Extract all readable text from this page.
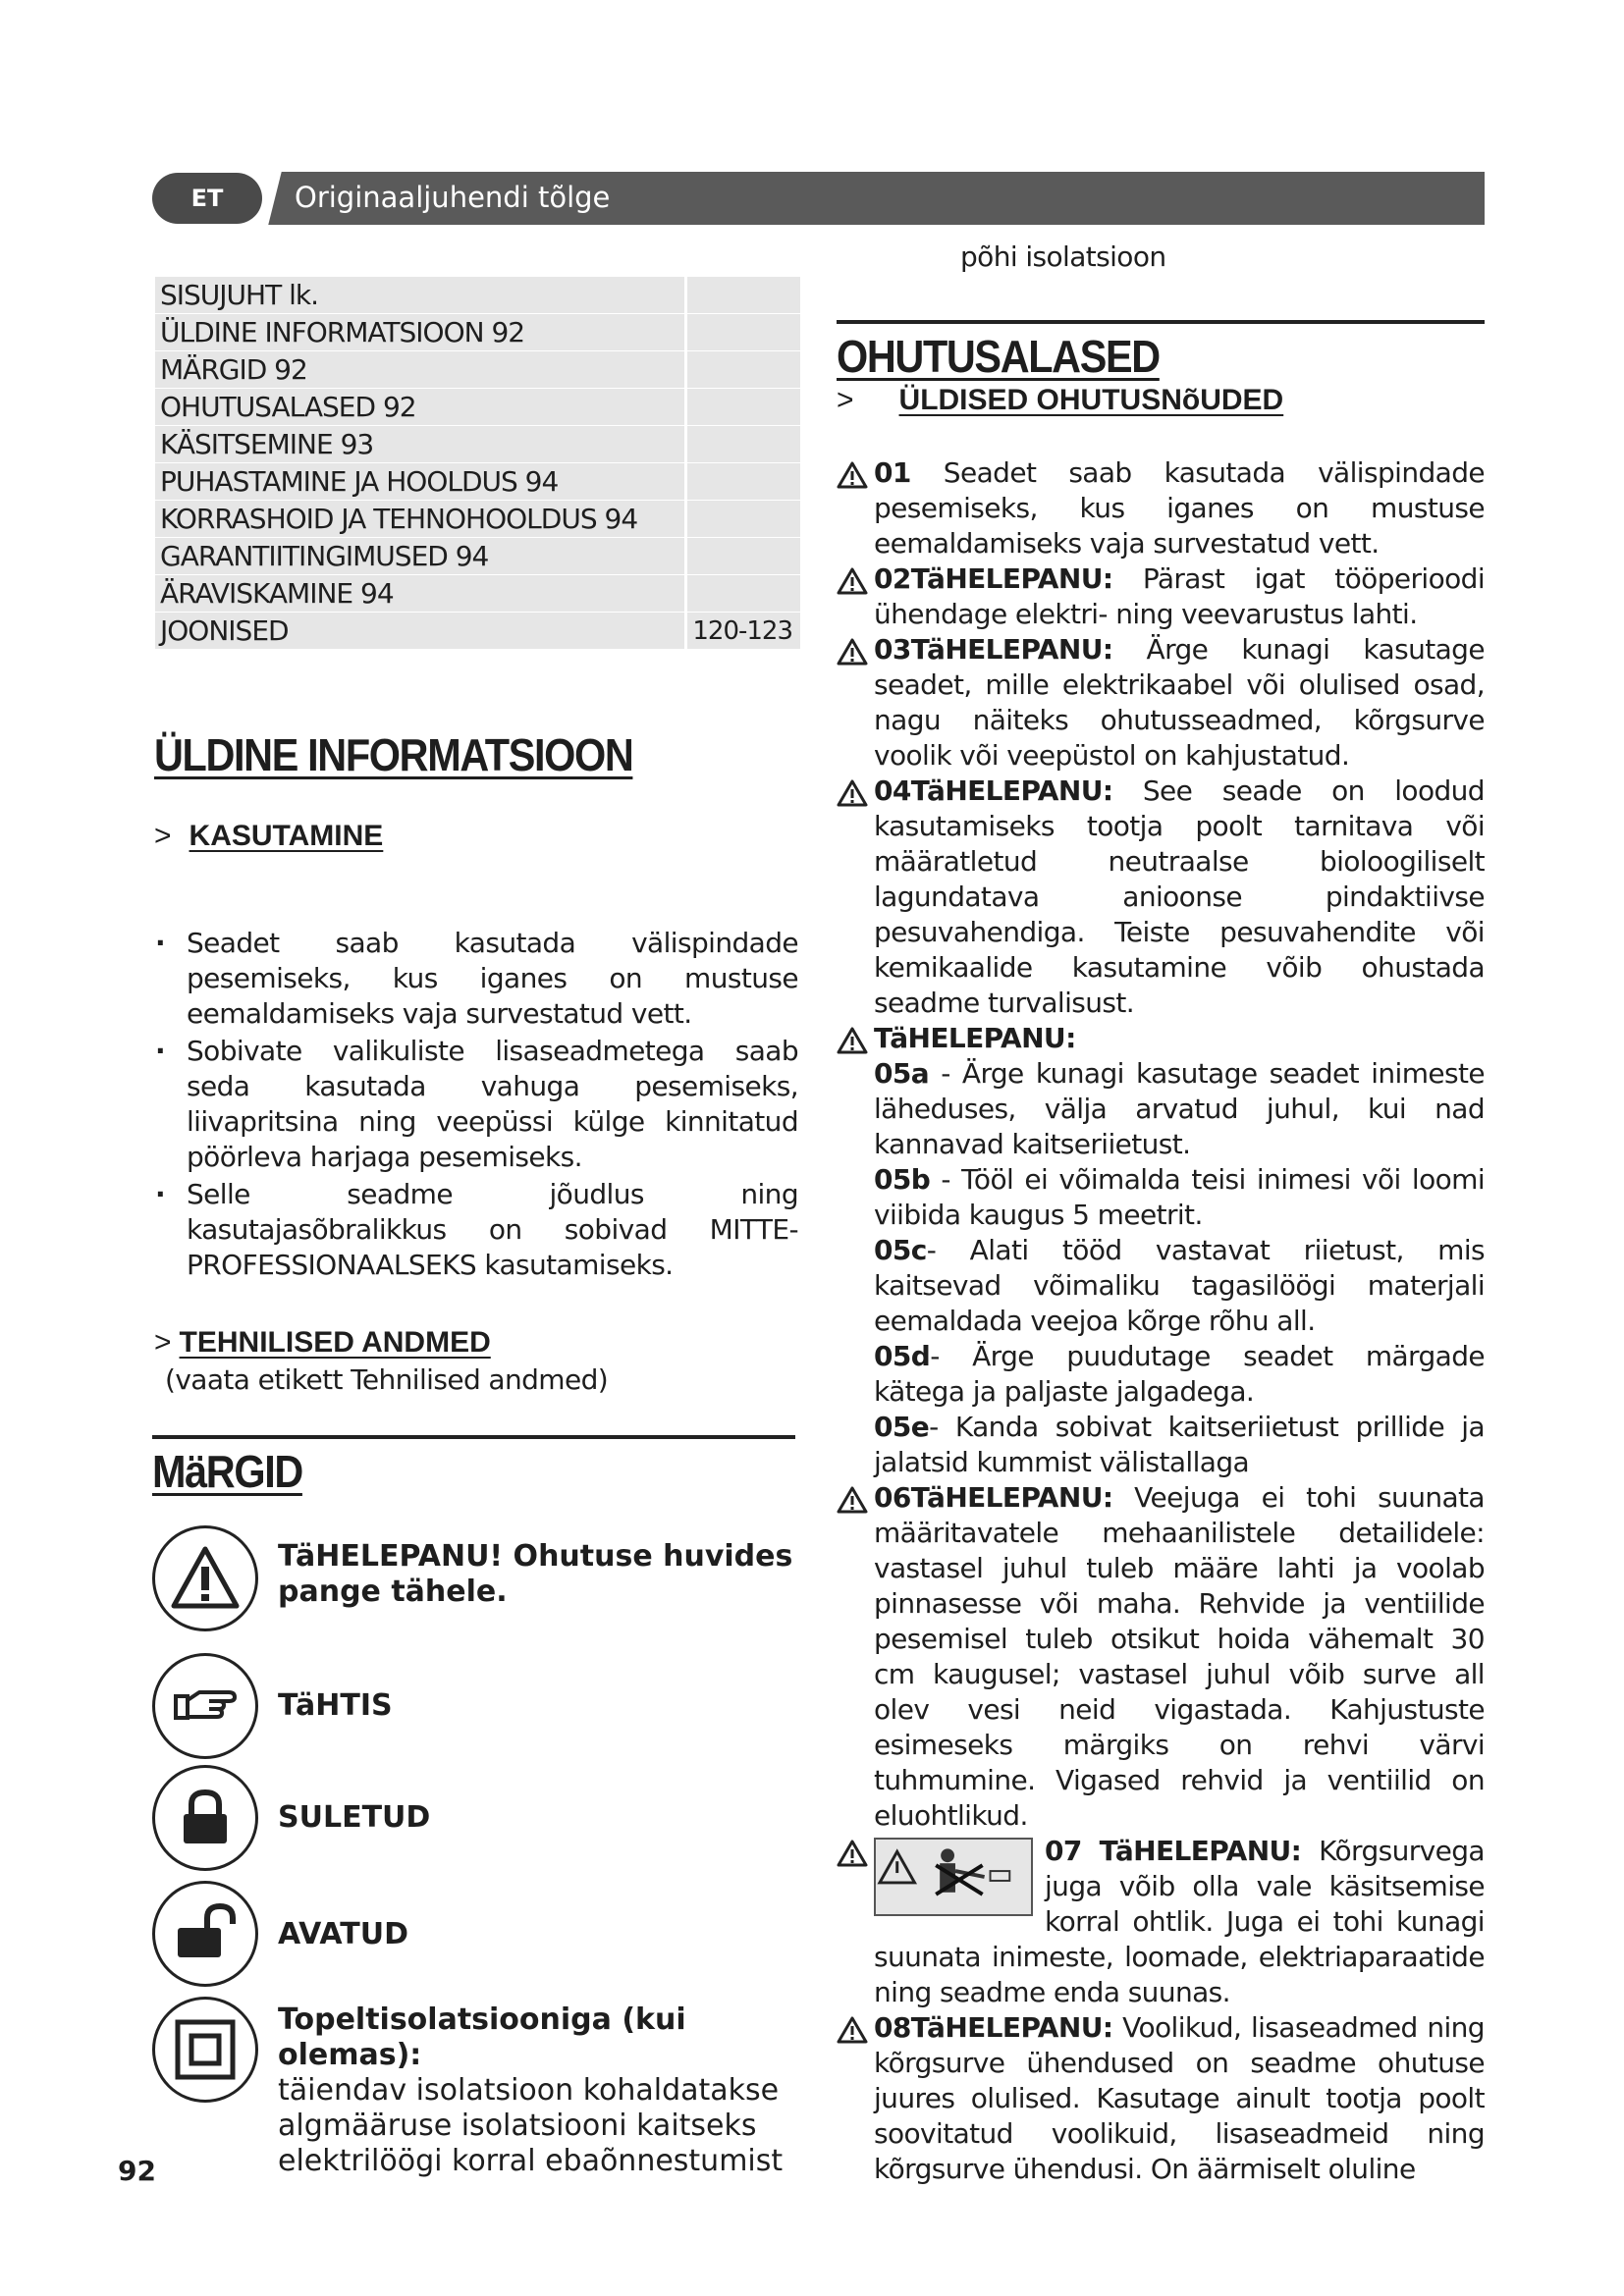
ET	Originaaljuhendi tõlge
SISUJUHT lk.
ÜLDINE INFORMATSIOON 92
MÄRGID 92
OHUTUSALASED 92
KÄSITSEMINE 93
PUHASTAMINE JA HOOLDUS 94
KORRASHOID JA TEHNOHOOLDUS 94
GARANTIITINGIMUSED 94
ÄRAVISKAMINE 94
JOONISED	120-123
ÜLDINE INFORMATSIOON
> KASUTAMINE
· Seadet saab kasutada välispindade pesemiseks, kus iganes on mustuse eemaldamiseks vaja survestatud vett.
· Sobivate valikuliste lisaseadmetega saab seda kasutada vahuga pesemiseks, liivapritsina ning veepüssi külge kinnitatud pöörleva harjaga pesemiseks.
· Selle seadme jõudlus ning kasutajasõbralikkus on sobivad MITTE-PROFESSIONAALSEKS kasutamiseks.
> TEHNILISED ANDMED
(vaata etikett Tehnilised andmed)
MäRGID
TäHELEPANU! Ohutuse huvides pange tähele.
TäHTIS
SULETUD
AVATUD
Topeltisolatsiooniga (kui olemas):
täiendav isolatsioon kohaldatakse algmääruse isolatsiooni kaitseks elektrilöögi korral ebaõnnestumist
92
põhi isolatsioon
OHUTUSALASED
> ÜLDISED OHUTUSNõUDED
01 Seadet saab kasutada välispindade pesemiseks, kus iganes on mustuse eemaldamiseks vaja survestatud vett.
02TäHELEPANU: Pärast igat tööperioodi ühendage elektri- ning veevarustus lahti.
03TäHELEPANU: Ärge kunagi kasutage seadet, mille elektrikaabel või olulised osad, nagu näiteks ohutusseadmed, kõrgsurve voolik või veepüstol on kahjustatud.
04TäHELEPANU: See seade on loodud kasutamiseks tootja poolt tarnitava või määratletud neutraalse bioloogiliselt lagundatava anioonse pindaktiivse pesuvahendiga. Teiste pesuvahendite või kemikaalide kasutamine võib ohustada seadme turvalisust.
TäHELEPANU:
05a - Ärge kunagi kasutage seadet inimeste läheduses, välja arvatud juhul, kui nad kannavad kaitseriietust.
05b - Tööl ei võimalda teisi inimesi või loomi viibida kaugus 5 meetrit.
05c- Alati tööd vastavat riietust, mis kaitsevad võimaliku tagasilöögi materjali eemaldada veejoa kõrge rõhu all.
05d- Ärge puudutage seadet märgade kätega ja paljaste jalgadega.
05e- Kanda sobivat kaitseriietust prillide ja jalatsid kummist välistallaga
06TäHELEPANU: Veejuga ei tohi suunata määritavatele mehaanilistele detailidele: vastasel juhul tuleb määre lahti ja voolab pinnasesse või maha. Rehvide ja ventiilide pesemisel tuleb otsikut hoida vähemalt 30 cm kaugusel; vastasel juhul võib surve all olev vesi neid vigastada. Kahjustuste esimeseks märgiks on rehvi värvi tuhmumine. Vigased rehvid ja ventiilid on eluohtlikud.
07 TäHELEPANU: Kõrgsurvega juga võib olla vale käsitsemise korral ohtlik. Juga ei tohi kunagi suunata inimeste, loomade, elektriaparaatide ning seadme enda suunas.
08TäHELEPANU: Voolikud, lisaseadmed ning kõrgsurve ühendused on seadme ohutuse juures olulised. Kasutage ainult tootja poolt soovitatud voolikuid, lisaseadmeid ning kõrgsurve ühendusi. On äärmiselt oluline
